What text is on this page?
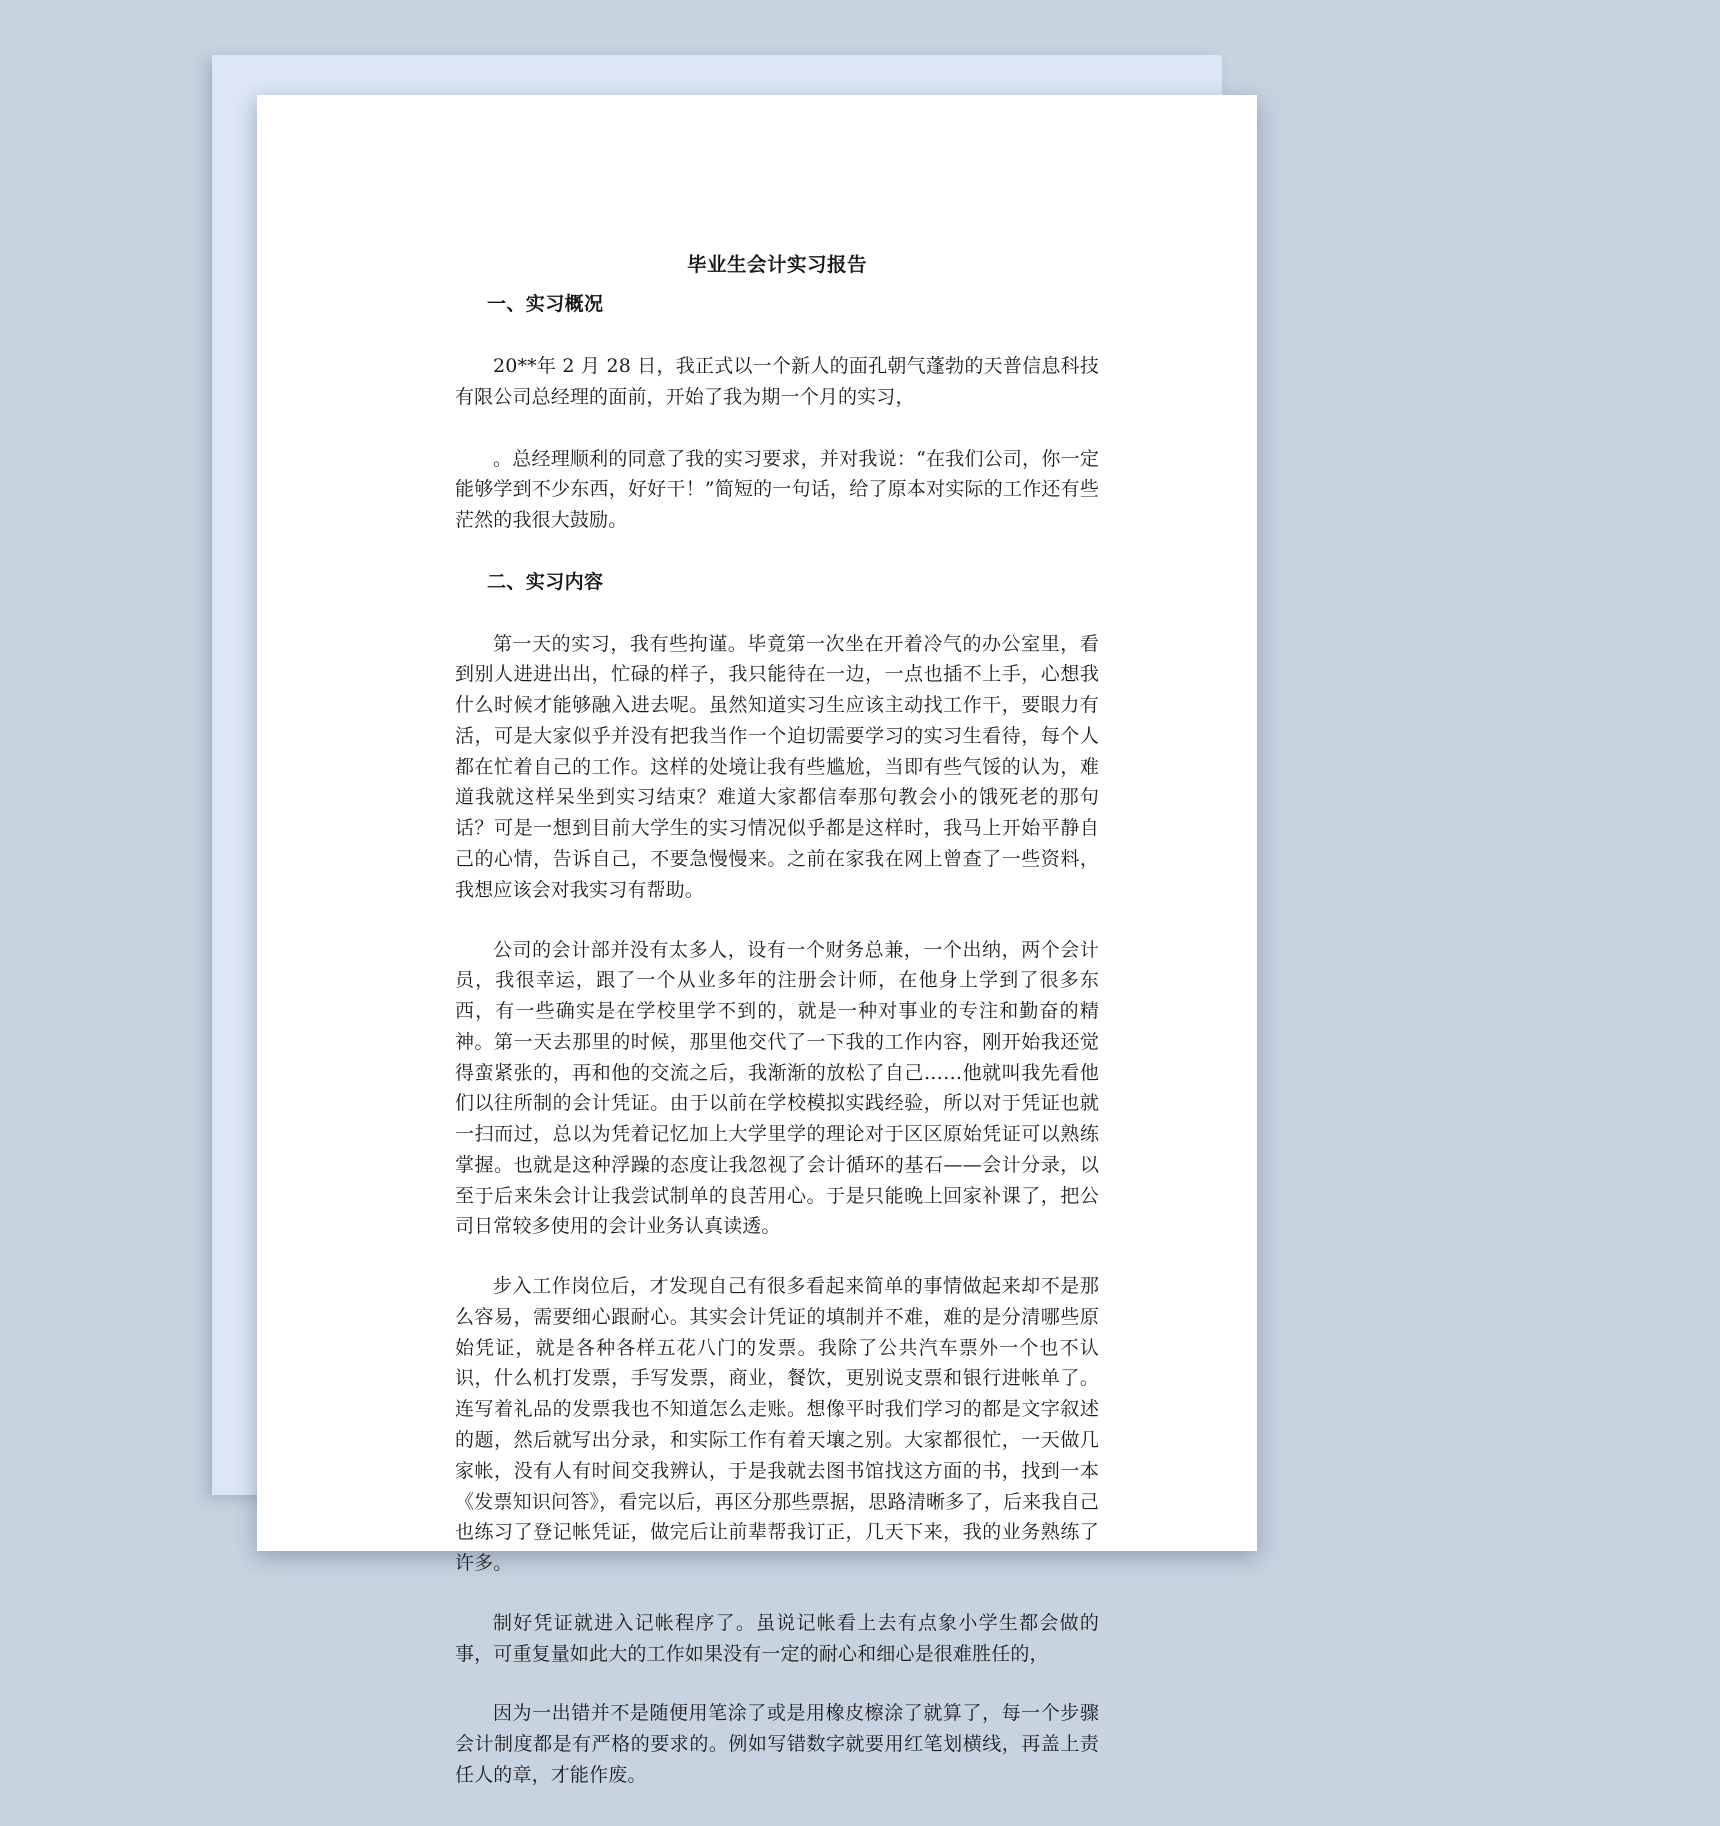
毕业生会计实习报告

一、实习概况

20**年 2 月 28 日，我正式以一个新人的面孔朝气蓬勃的天普信息科技有限公司总经理的面前，开始了我为期一个月的实习，

。总经理顺利的同意了我的实习要求，并对我说：“在我们公司，你一定能够学到不少东西，好好干！”简短的一句话，给了原本对实际的工作还有些茫然的我很大鼓励。

二、实习内容

第一天的实习，我有些拘谨。毕竟第一次坐在开着冷气的办公室里，看到别人进进出出，忙碌的样子，我只能待在一边，一点也插不上手，心想我什么时候才能够融入进去呢。虽然知道实习生应该主动找工作干，要眼力有活，可是大家似乎并没有把我当作一个迫切需要学习的实习生看待，每个人都在忙着自己的工作。这样的处境让我有些尴尬，当即有些气馁的认为，难道我就这样呆坐到实习结束？难道大家都信奉那句教会小的饿死老的那句话？可是一想到目前大学生的实习情况似乎都是这样时，我马上开始平静自己的心情，告诉自己，不要急慢慢来。之前在家我在网上曾查了一些资料，我想应该会对我实习有帮助。

公司的会计部并没有太多人，设有一个财务总兼，一个出纳，两个会计员，我很幸运，跟了一个从业多年的注册会计师，在他身上学到了很多东西，有一些确实是在学校里学不到的，就是一种对事业的专注和勤奋的精神。第一天去那里的时候，那里他交代了一下我的工作内容，刚开始我还觉得蛮紧张的，再和他的交流之后，我渐渐的放松了自己……他就叫我先看他们以往所制的会计凭证。由于以前在学校模拟实践经验，所以对于凭证也就一扫而过，总以为凭着记忆加上大学里学的理论对于区区原始凭证可以熟练掌握。也就是这种浮躁的态度让我忽视了会计循环的基石——会计分录，以至于后来朱会计让我尝试制单的良苦用心。于是只能晚上回家补课了，把公司日常较多使用的会计业务认真读透。

步入工作岗位后，才发现自己有很多看起来简单的事情做起来却不是那么容易，需要细心跟耐心。其实会计凭证的填制并不难，难的是分清哪些原始凭证，就是各种各样五花八门的发票。我除了公共汽车票外一个也不认识，什么机打发票，手写发票，商业，餐饮，更别说支票和银行进帐单了。连写着礼品的发票我也不知道怎么走账。想像平时我们学习的都是文字叙述的题，然后就写出分录，和实际工作有着天壤之别。大家都很忙，一天做几家帐，没有人有时间交我辨认，于是我就去图书馆找这方面的书，找到一本《发票知识问答》，看完以后，再区分那些票据，思路清晰多了，后来我自己也练习了登记帐凭证，做完后让前辈帮我订正，几天下来，我的业务熟练了许多。

制好凭证就进入记帐程序了。虽说记帐看上去有点象小学生都会做的事，可重复量如此大的工作如果没有一定的耐心和细心是很难胜任的，

因为一出错并不是随便用笔涂了或是用橡皮檫涂了就算了，每一个步骤会计制度都是有严格的要求的。例如写错数字就要用红笔划横线，再盖上责任人的章，才能作废。
